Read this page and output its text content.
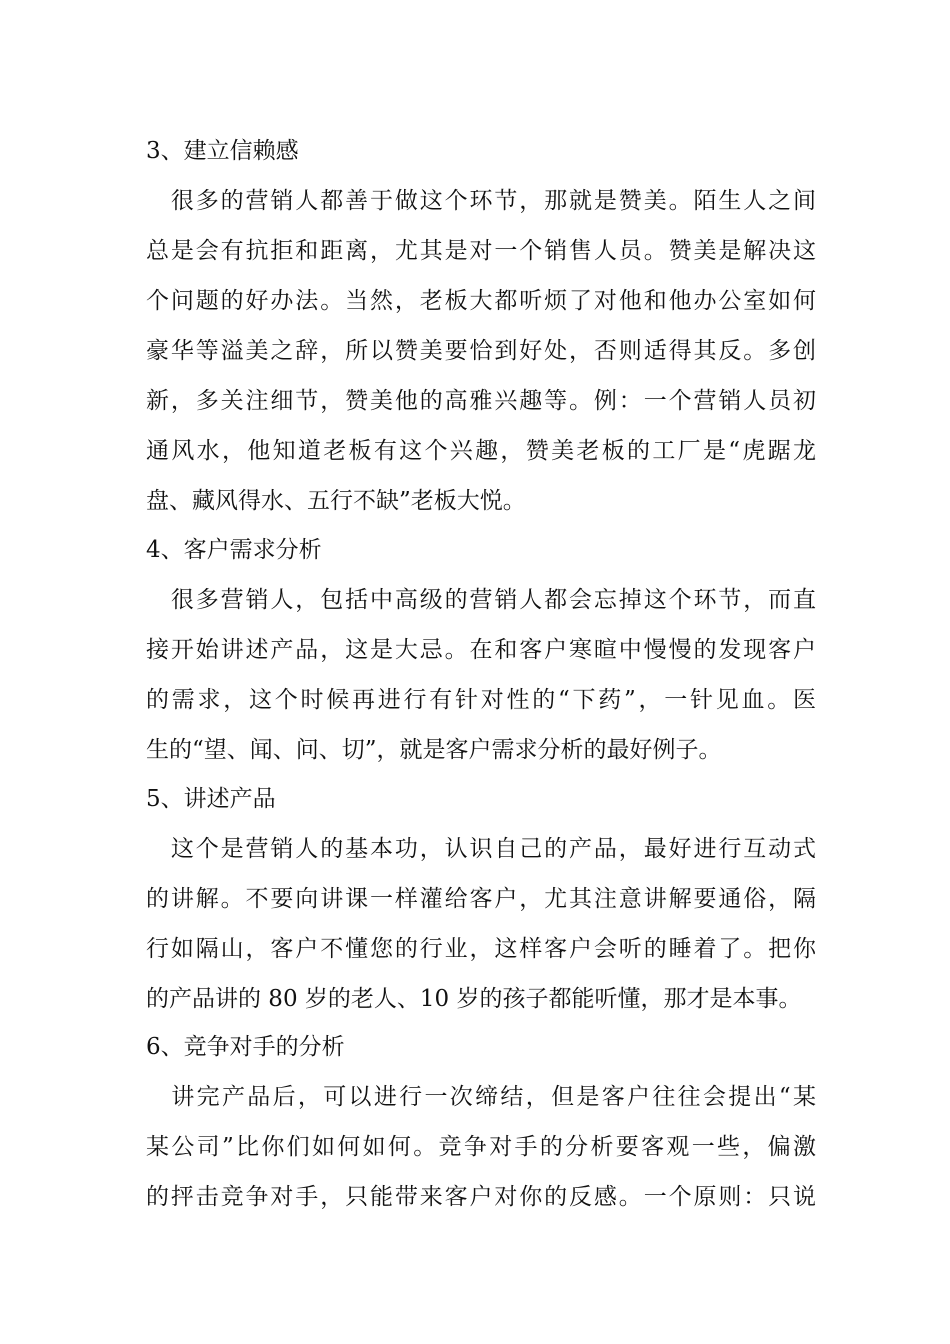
3、建立信赖感
　很多的营销人都善于做这个环节，那就是赞美。陌生人之间
总是会有抗拒和距离，尤其是对一个销售人员。赞美是解决这
个问题的好办法。当然，老板大都听烦了对他和他办公室如何
豪华等溢美之辞，所以赞美要恰到好处，否则适得其反。多创
新，多关注细节，赞美他的高雅兴趣等。例：一个营销人员初
通风水，他知道老板有这个兴趣，赞美老板的工厂是“虎踞龙
盘、藏风得水、五行不缺”老板大悦。
4、客户需求分析
　很多营销人，包括中高级的营销人都会忘掉这个环节，而直
接开始讲述产品，这是大忌。在和客户寒暄中慢慢的发现客户
的需求，这个时候再进行有针对性的“下药”，一针见血。医
生的“望、闻、问、切”，就是客户需求分析的最好例子。
5、讲述产品
　这个是营销人的基本功，认识自己的产品，最好进行互动式
的讲解。不要向讲课一样灌给客户，尤其注意讲解要通俗，隔
行如隔山，客户不懂您的行业，这样客户会听的睡着了。把你
的产品讲的 80 岁的老人、10 岁的孩子都能听懂，那才是本事。
6、竞争对手的分析
　讲完产品后，可以进行一次缔结，但是客户往往会提出“某
某公司”比你们如何如何。竞争对手的分析要客观一些，偏激
的抨击竞争对手，只能带来客户对你的反感。一个原则：只说
